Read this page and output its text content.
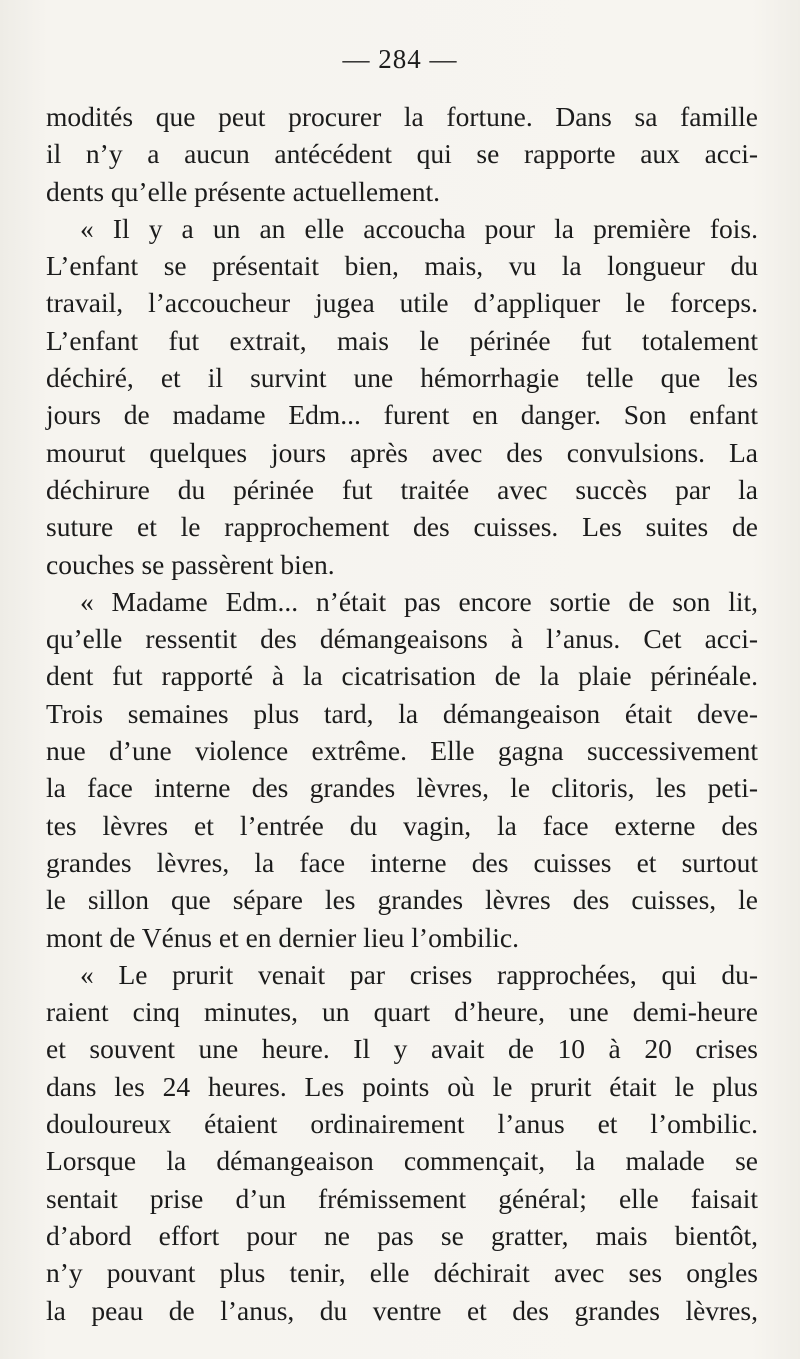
— 284 —
modités que peut procurer la fortune. Dans sa famille
il n’y a aucun antécédent qui se rapporte aux acci-
dents qu’elle présente actuellement.
« Il y a un an elle accoucha pour la première fois.
L’enfant se présentait bien, mais, vu la longueur du
travail, l’accoucheur jugea utile d’appliquer le forceps.
L’enfant fut extrait, mais le périnée fut totalement
déchiré, et il survint une hémorrhagie telle que les
jours de madame Edm... furent en danger. Son enfant
mourut quelques jours après avec des convulsions. La
déchirure du périnée fut traitée avec succès par la
suture et le rapprochement des cuisses. Les suites de
couches se passèrent bien.
« Madame Edm... n’était pas encore sortie de son lit,
qu’elle ressentit des démangeaisons à l’anus. Cet acci-
dent fut rapporté à la cicatrisation de la plaie périnéale.
Trois semaines plus tard, la démangeaison était deve-
nue d’une violence extrême. Elle gagna successivement
la face interne des grandes lèvres, le clitoris, les peti-
tes lèvres et l’entrée du vagin, la face externe des
grandes lèvres, la face interne des cuisses et surtout
le sillon que sépare les grandes lèvres des cuisses, le
mont de Vénus et en dernier lieu l’ombilic.
« Le prurit venait par crises rapprochées, qui du-
raient cinq minutes, un quart d’heure, une demi-heure
et souvent une heure. Il y avait de 10 à 20 crises
dans les 24 heures. Les points où le prurit était le plus
douloureux étaient ordinairement l’anus et l’ombilic.
Lorsque la démangeaison commençait, la malade se
sentait prise d’un frémissement général; elle faisait
d’abord effort pour ne pas se gratter, mais bientôt,
n’y pouvant plus tenir, elle déchirait avec ses ongles
la peau de l’anus, du ventre et des grandes lèvres,
